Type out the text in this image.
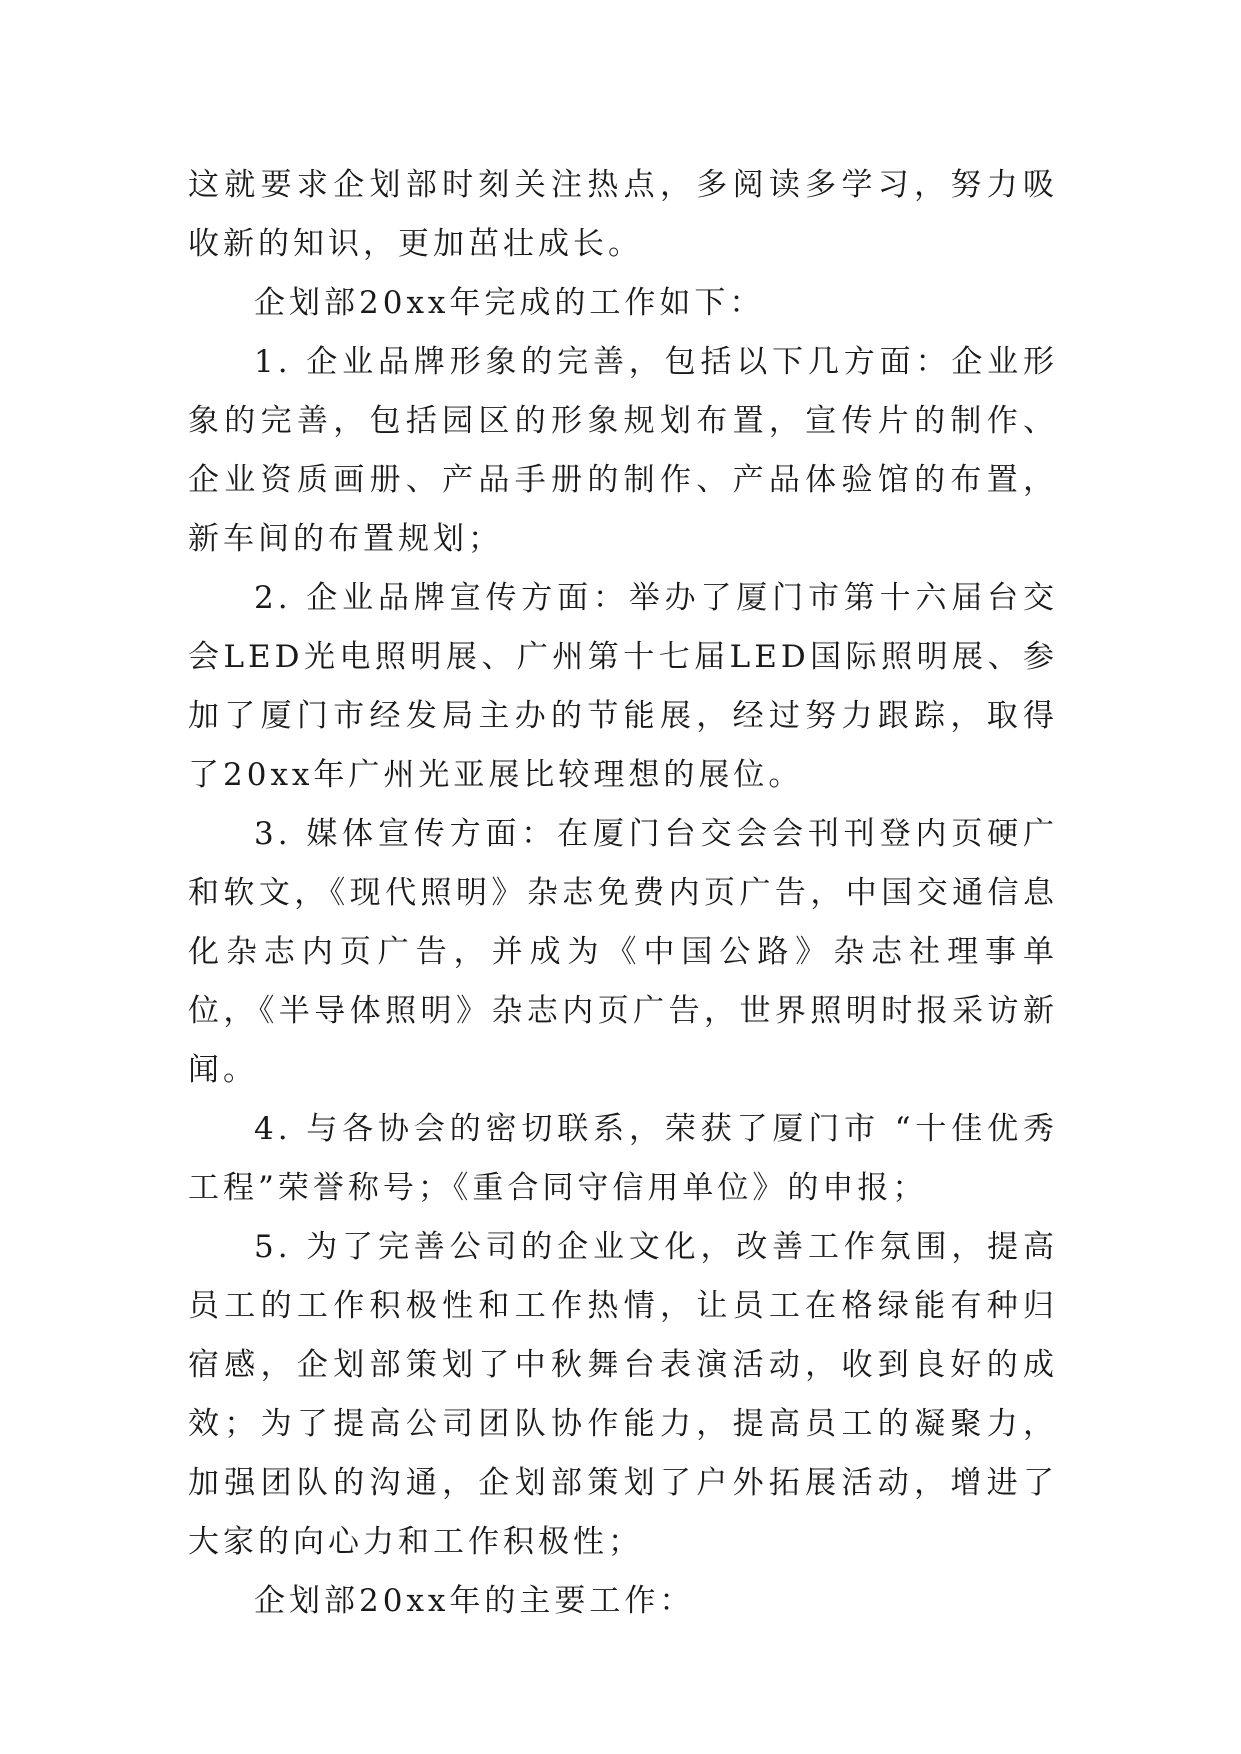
这就要求企划部时刻关注热点，多阅读多学习，努力吸收新的知识，更加茁壮成长。

企划部20xx年完成的工作如下：

1. 企业品牌形象的完善，包括以下几方面：企业形象的完善，包括园区的形象规划布置，宣传片的制作、企业资质画册、产品手册的制作、产品体验馆的布置，新车间的布置规划；

2. 企业品牌宣传方面：举办了厦门市第十六届台交会LED光电照明展、广州第十七届LED国际照明展、参加了厦门市经发局主办的节能展，经过努力跟踪，取得了20xx年广州光亚展比较理想的展位。

3. 媒体宣传方面：在厦门台交会会刊刊登内页硬广和软文，《现代照明》杂志免费内页广告，中国交通信息化杂志内页广告，并成为《中国公路》杂志社理事单位，《半导体照明》杂志内页广告，世界照明时报采访新闻。

4. 与各协会的密切联系，荣获了厦门市 “十佳优秀工程”荣誉称号；《重合同守信用单位》的申报；

5. 为了完善公司的企业文化，改善工作氛围，提高员工的工作积极性和工作热情，让员工在格绿能有种归宿感，企划部策划了中秋舞台表演活动，收到良好的成效；为了提高公司团队协作能力，提高员工的凝聚力，加强团队的沟通，企划部策划了户外拓展活动，增进了大家的向心力和工作积极性；

企划部20xx年的主要工作：
